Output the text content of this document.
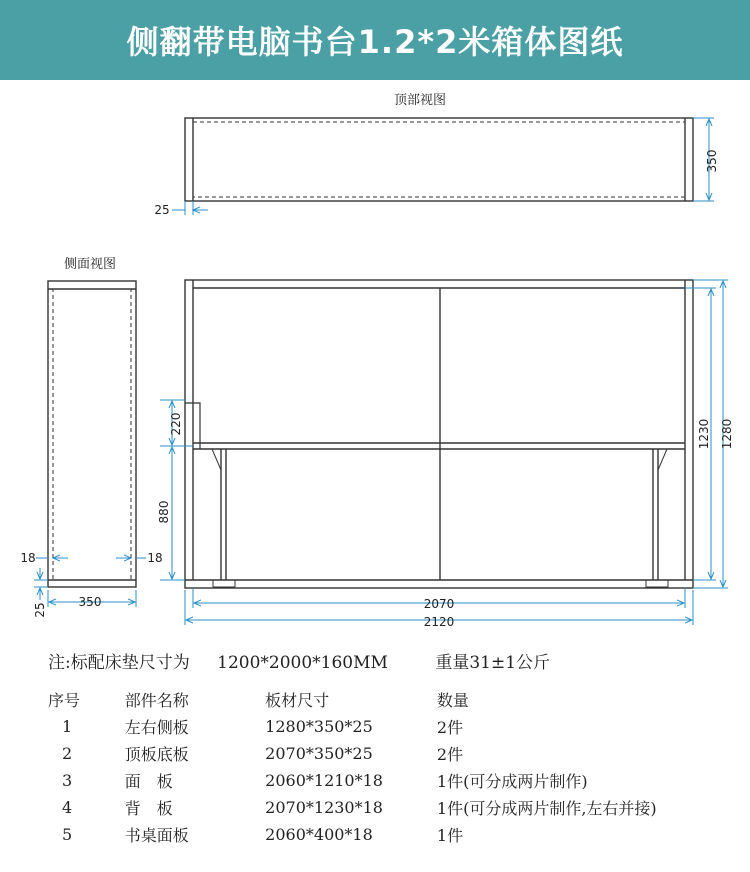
侧翻带电脑书台1.2*2米箱体图纸
顶部视图
350
25
侧面视图
18	18
350
25
220
880
1230 1280
2070
2120
注:标配床垫尺寸为 1200*2000*160MM	重量31±1公斤
序号	部件名称	板材尺寸	数量
1	左右侧板	1280*350*25	2件
2	顶板底板	2070*350*25	2件
3	面　板	2060*1210*18	1件(可分成两片制作)
4	背　板	2070*1230*18	1件(可分成两片制作,左右并接)
5	书桌面板	2060*400*18	1件
